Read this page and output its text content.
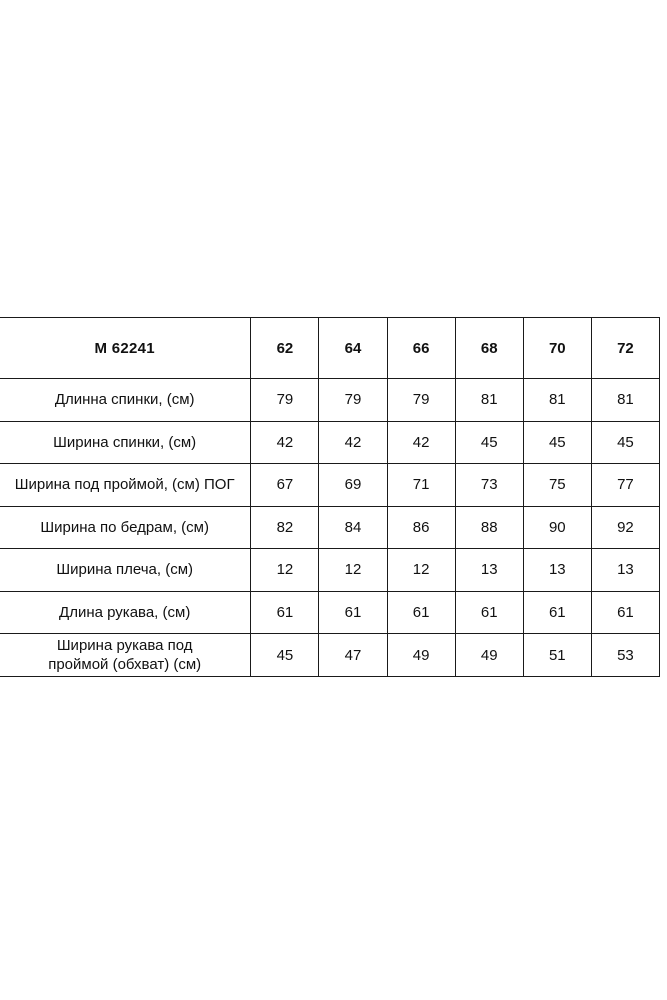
М 62241	62	64	66	68	70	72
Длинна спинки, (см)	79	79	79	81	81	81
Ширина спинки, (см)	42	42	42	45	45	45
Ширина под проймой, (см) ПОГ	67	69	71	73	75	77
Ширина по бедрам, (см)	82	84	86	88	90	92
Ширина плеча, (см)	12	12	12	13	13	13
Длина рукава, (см)	61	61	61	61	61	61

Ширина рукава под
проймой (обхват) (см)	45	47	49	49	51	53
